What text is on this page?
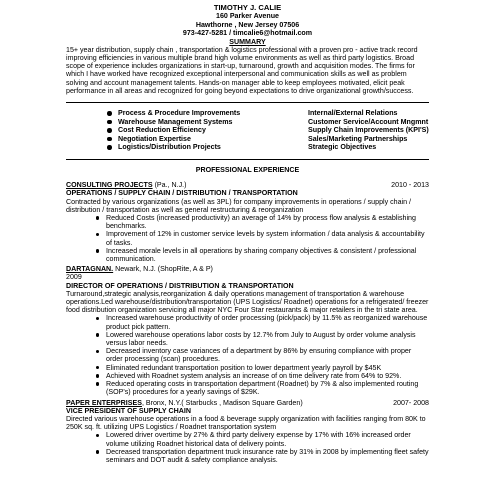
TIMOTHY J. CALIE
160 Parker Avenue
Hawthorne , New Jersey 07506
973-427-5281 / timcalie6@hotmail.com
SUMMARY
15+ year distribution, supply chain , transportation & logistics professional with a proven pro - active track record improving efficiencies in various multiple brand high volume environments as well as third party logistics. Broad scope of experience includes organizations in start-up, turnaround, growth and acquisition modes. The firms for which I have worked have recognized exceptional interpersonal and communication skills as well as problem solving and account management talents. Hands-on manager able to keep employees motivated, elicit peak performance in all areas and recognized for going beyond expectations to drive organizational growth/success.
Process & Procedure Improvements
Warehouse Management Systems
Cost Reduction Efficiency
Negotiation Expertise
Logistics/Distribution Projects
Internal/External Relations
Customer Service/Account Mngmnt
Supply Chain Improvements (KPI'S)
Sales/Marketing Partnerships
Strategic Objectives
PROFESSIONAL EXPERIENCE
CONSULTING PROJECTS (Pa., N.J.)	2010 - 2013
OPERATIONS / SUPPLY CHAIN / DISTRIBUTION / TRANSPORTATION

Contracted by various organizations (as well as 3PL) for company improvements in operations / supply chain / distribution / transportation as well as general restructuring & reorganization

Reduced Costs (increased productivity) an average of 14% by process flow analysis & establishing benchmarks.
Improvement of 12% in customer service levels by system information / data analysis & accountability of tasks.
Increased morale levels in all operations by sharing company objectives & consistent / professional communication.
DARTAGNAN. Newark, N.J. (ShopRite, A & P)
2009
DIRECTOR OF OPERATIONS / DISTRIBUTION & TRANSPORTATION

Turnaround,strategic analysis,reorganization & daily operations management of transportation & warehouse operations.Led warehouse/distribution/transportation (UPS Logistics/ Roadnet) operations for a refrigerated/ freezer food distribution organization servicing all major NYC Four Star restaurants & major retailers in the tri state area.

Increased warehouse productivity of order processing (pick/pack) by 11.5% as reorganized warehouse product pick pattern.
Lowered warehouse operations labor costs by 12.7% from July to August by order volume analysis versus labor needs.
Decreased inventory case variances of a department by 86% by ensuring compliance with proper order processing (scan) procedures.
Eliminated redundant transportation position to lower department yearly payroll by $45K
Achieved with Roadnet system analysis an increase of on time delivery rate from 64% to 92%.
Reduced operating costs in transportation department (Roadnet) by 7% & also implemented routing (SOP's) procedures for a yearly savings of $29K.
PAPER ENTERPRISES, Bronx, N.Y.( Starbucks , Madison Square Garden)	2007- 2008
VICE PRESIDENT OF SUPPLY CHAIN

Directed various warehouse operations in a food & beverage supply organization with facilities ranging from 80K to 250K sq. ft. utilizing UPS Logistics / Roadnet transportation system

Lowered driver overtime by 27% & third party delivery expense by 17% with 16% increased order volume utilizing Roadnet historical data of delivery points.
Decreased transportation department truck insurance rate by 31% in 2008 by implementing fleet safety seminars and DOT audit & safety compliance analysis.
